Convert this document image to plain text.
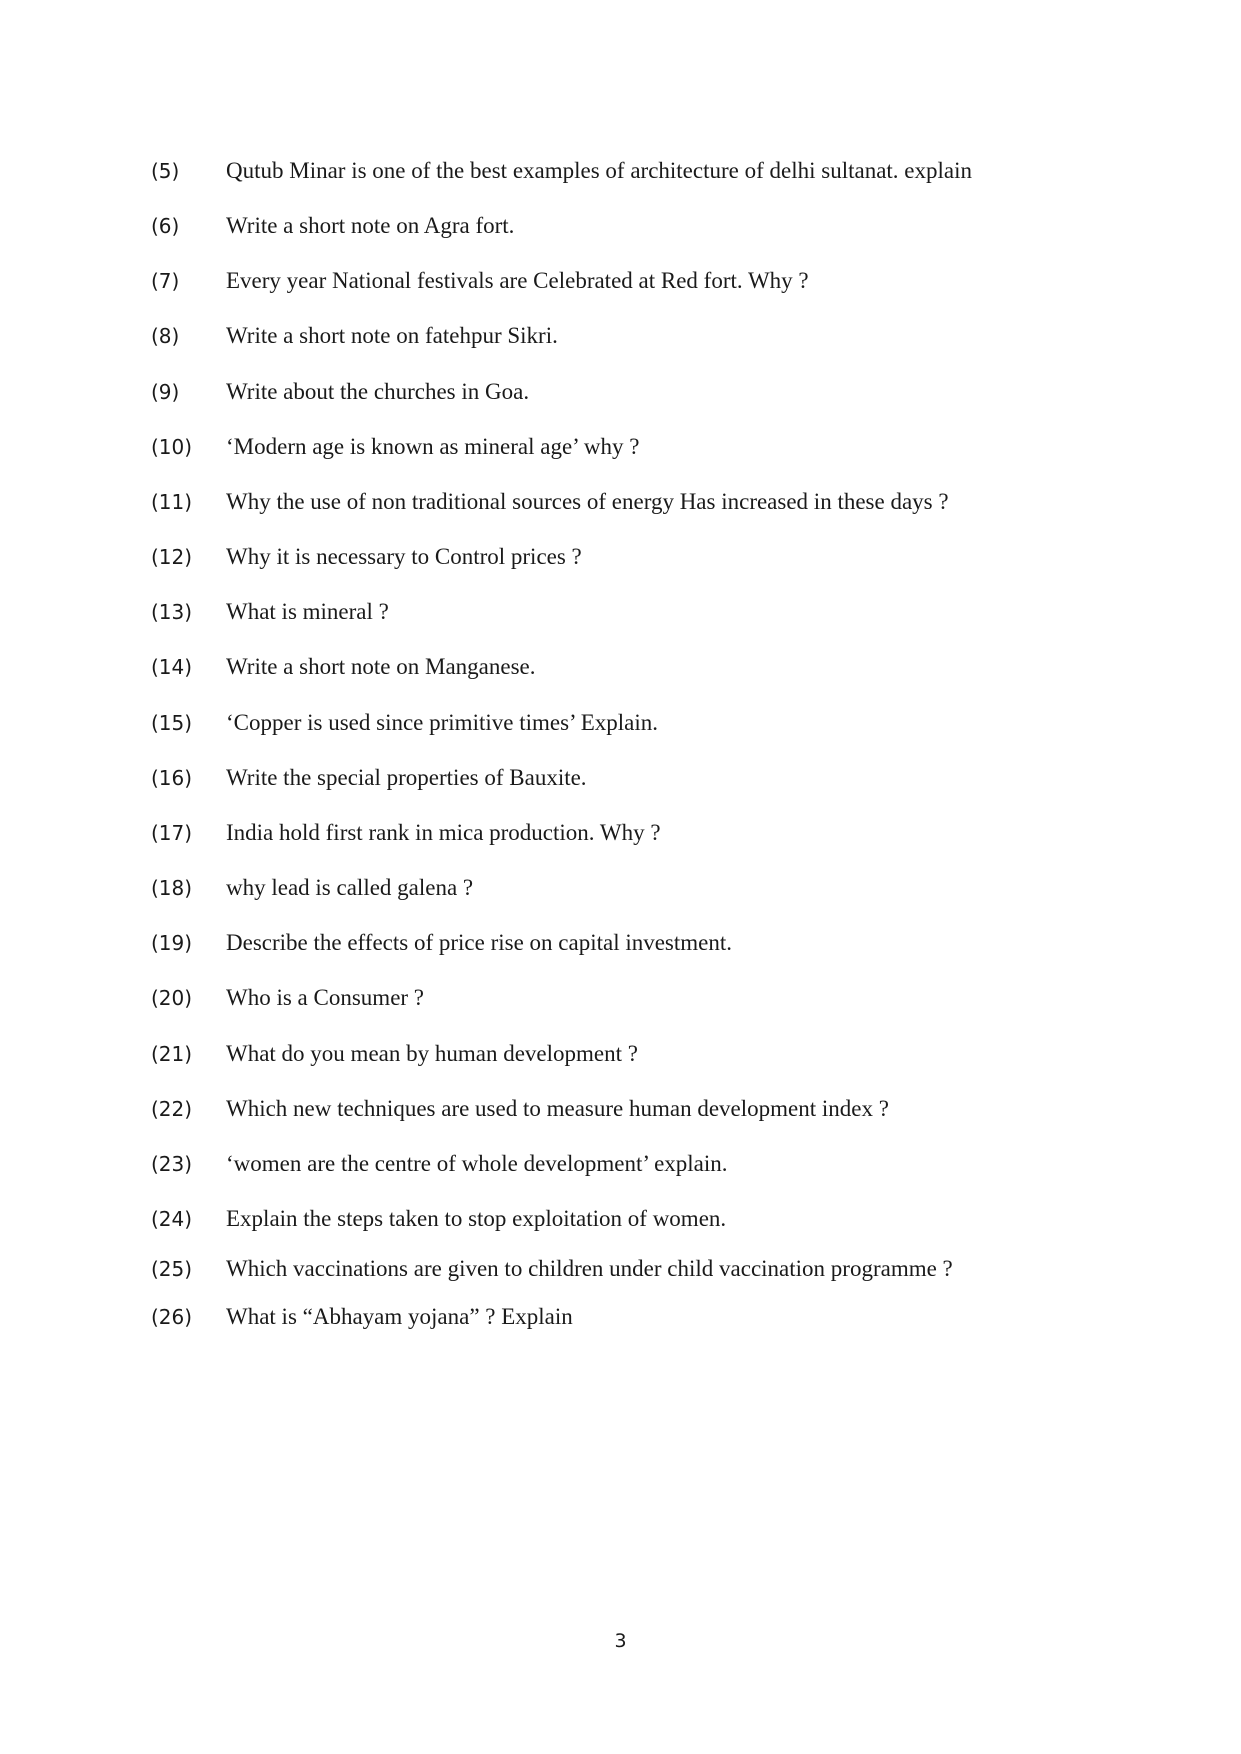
(5) Qutub Minar is one of the best examples of architecture of delhi sultanat. explain
(6) Write a short note on Agra fort.
(7) Every year National festivals are Celebrated at Red fort. Why ?
(8) Write a short note on fatehpur Sikri.
(9) Write about the churches in Goa.
(10) ‘Modern age is known as mineral age’ why ?
(11) Why the use of non traditional sources of energy Has increased in these days ?
(12) Why it is necessary to Control prices ?
(13) What is mineral ?
(14) Write a short note on Manganese.
(15) ‘Copper is used since primitive times’ Explain.
(16) Write the special properties of Bauxite.
(17) India hold first rank in mica production. Why ?
(18) why lead is called galena ?
(19) Describe the effects of price rise on capital investment.
(20) Who is a Consumer ?
(21) What do you mean by human development ?
(22) Which new techniques are used to measure human development index ?
(23) ‘women are the centre of whole development’ explain.
(24) Explain the steps taken to stop exploitation of women.
(25) Which vaccinations are given to children under child vaccination programme ?
(26) What is “Abhayam yojana” ? Explain
3
